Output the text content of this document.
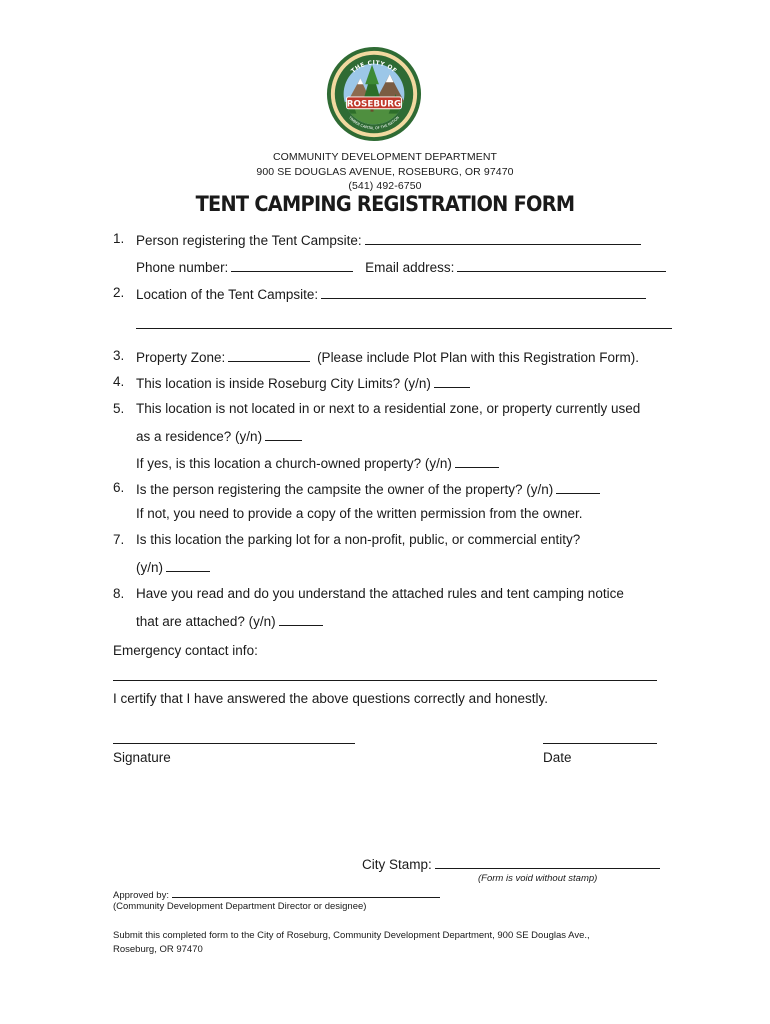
ROSEBURG
THE CITY OF
TIMBER CAPITAL OF THE NATION
COMMUNITY DEVELOPMENT DEPARTMENT
900 SE DOUGLAS AVENUE, ROSEBURG, OR 97470
(541) 492-6750
TENT CAMPING REGISTRATION FORM
1. Person registering the Tent Campsite:
Phone number:	Email address:
2. Location of the Tent Campsite:
3. Property Zone:	(Please include Plot Plan with this Registration Form).
4. This location is inside Roseburg City Limits? (y/n)
5. This location is not located in or next to a residential zone, or property currently used
as a residence? (y/n)
If yes, is this location a church-owned property? (y/n)
6. Is the person registering the campsite the owner of the property? (y/n)
If not, you need to provide a copy of the written permission from the owner.
7. Is this location the parking lot for a non-profit, public, or commercial entity?
(y/n)
8. Have you read and do you understand the attached rules and tent camping notice
that are attached? (y/n)
Emergency contact info:
I certify that I have answered the above questions correctly and honestly.
Signature	Date
City Stamp:
(Form is void without stamp)
Approved by:
(Community Development Department Director or designee)
Submit this completed form to the City of Roseburg, Community Development Department, 900 SE Douglas Ave.,
Roseburg, OR 97470
